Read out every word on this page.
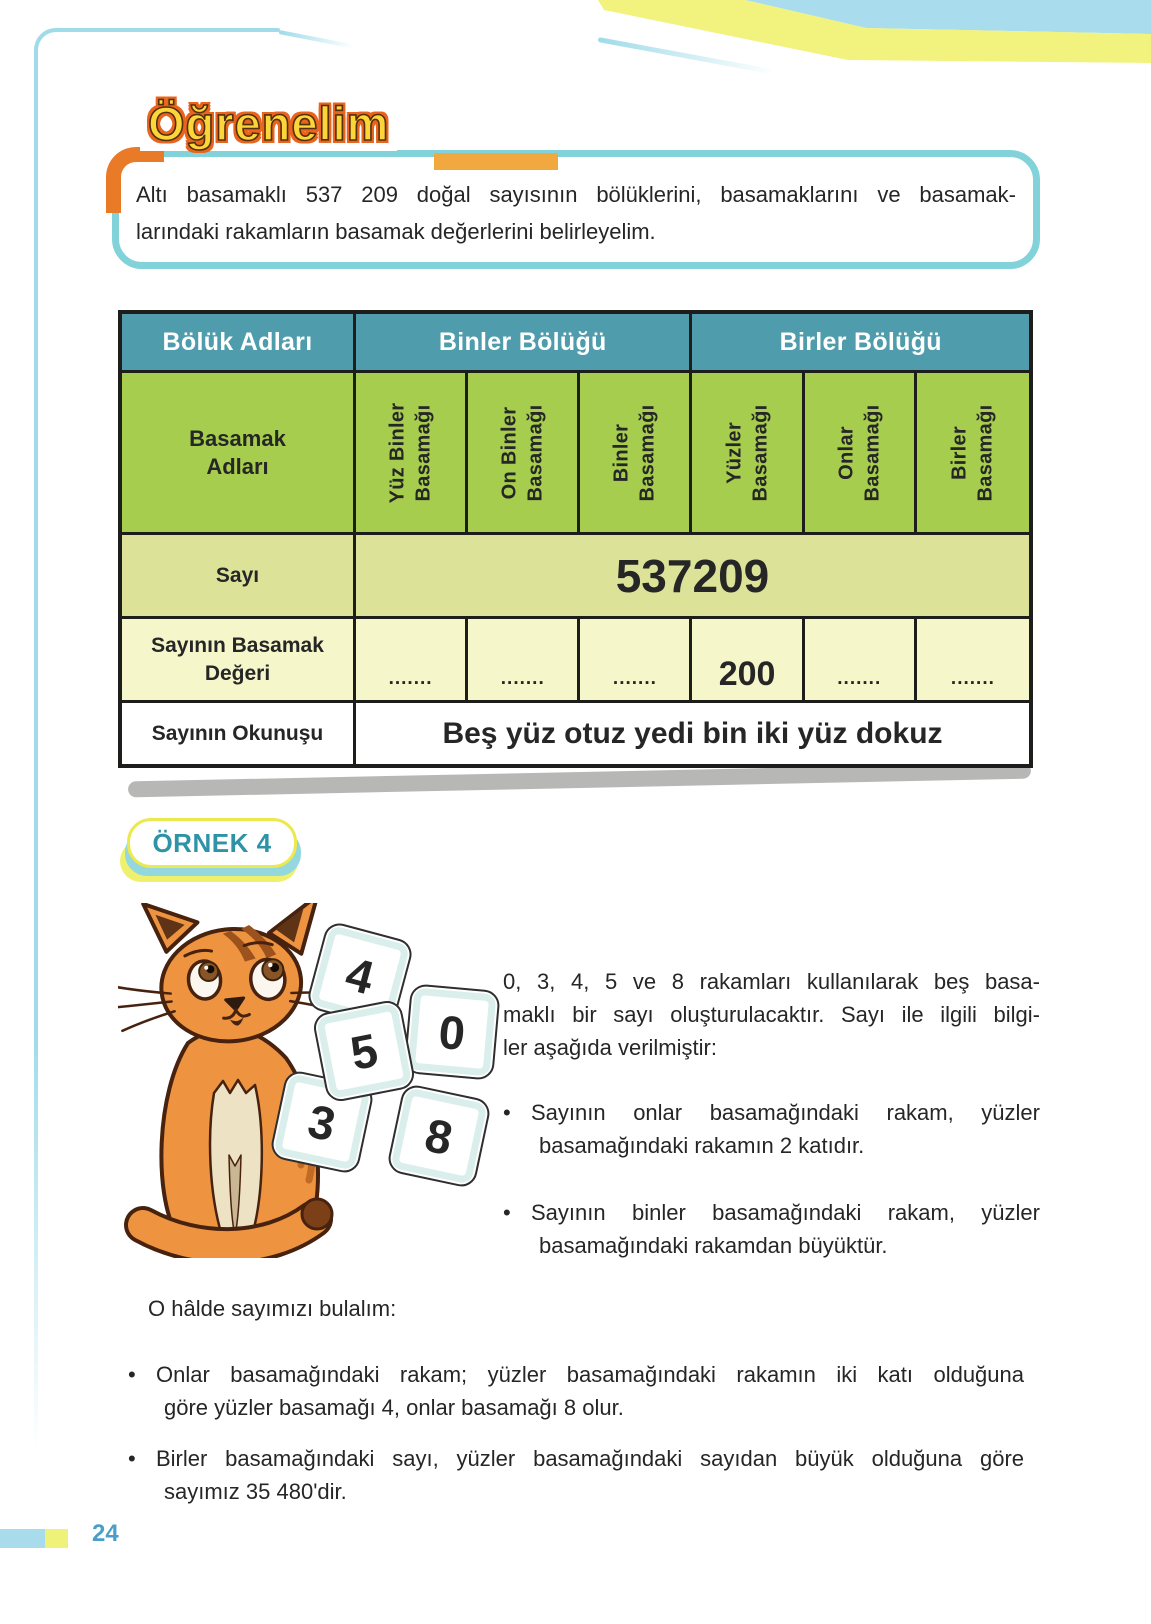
Öğrenelim
Altı basamaklı 537 209 doğal sayısının bölüklerini, basamaklarını ve basamak-
larındaki rakamların basamak değerlerini belirleyelim.
Bölük Adları	Binler Bölüğü	Birler Bölüğü
Basamak
Adları	Yüz Binler Basamağı	On Binler Basamağı	Binler Basamağı	Yüzler Basamağı	Onlar Basamağı	Birler Basamağı
Sayı	5 3 7 2 0 9
Sayının Basamak
Değeri	.......	.......	.......	200	.......	.......
Sayının Okunuşu	Beş yüz otuz yedi bin iki yüz dokuz
ÖRNEK 4
4
0
5
3	8
0, 3, 4, 5 ve 8 rakamları kullanılarak beş basa-
maklı bir sayı oluşturulacaktır. Sayı ile ilgili bilgi-
ler aşağıda verilmiştir:
• Sayının onlar basamağındaki rakam, yüzler
basamağındaki rakamın 2 katıdır.
• Sayının binler basamağındaki rakam, yüzler
basamağındaki rakamdan büyüktür.
O hâlde sayımızı bulalım:
• Onlar basamağındaki rakam; yüzler basamağındaki rakamın iki katı olduğuna
göre yüzler basamağı 4, onlar basamağı 8 olur.
• Birler basamağındaki sayı, yüzler basamağındaki sayıdan büyük olduğuna göre
sayımız 35 480'dir.
24
